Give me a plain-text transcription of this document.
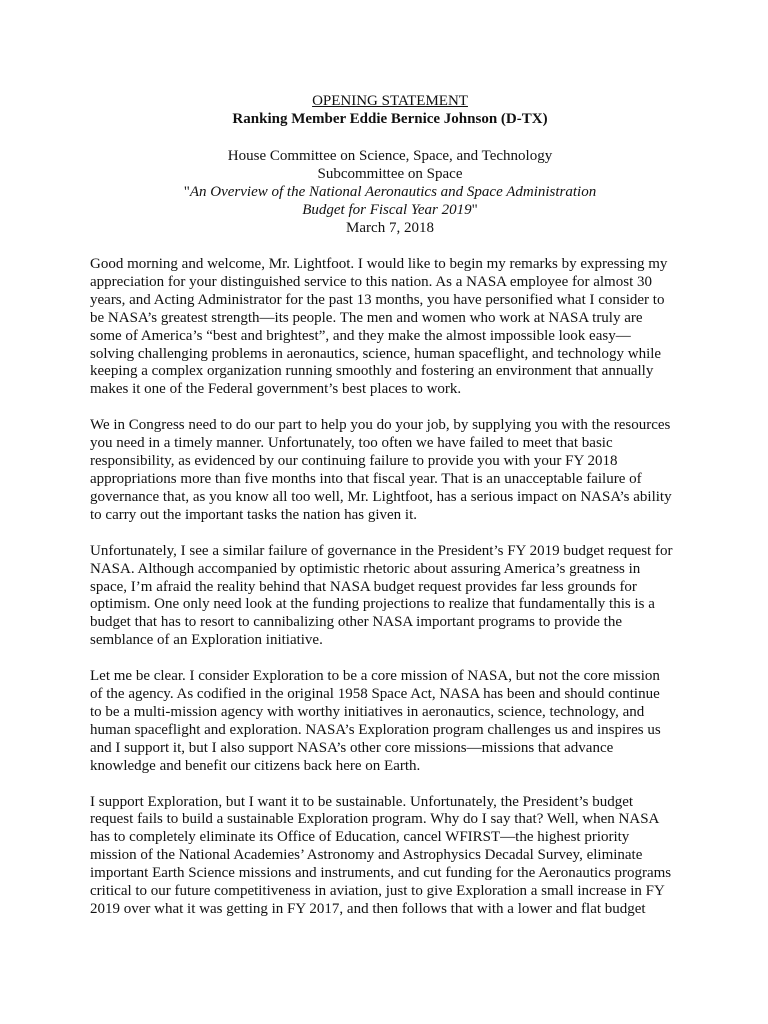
OPENING STATEMENT
Ranking Member Eddie Bernice Johnson (D-TX)
House Committee on Science, Space, and Technology
Subcommittee on Space
"An Overview of the National Aeronautics and Space Administration
Budget for Fiscal Year 2019"
March 7, 2018

Good morning and welcome, Mr. Lightfoot. I would like to begin my remarks by expressing my
appreciation for your distinguished service to this nation. As a NASA employee for almost 30
years, and Acting Administrator for the past 13 months, you have personified what I consider to
be NASA’s greatest strength—its people. The men and women who work at NASA truly are
some of America’s “best and brightest”, and they make the almost impossible look easy—
solving challenging problems in aeronautics, science, human spaceflight, and technology while
keeping a complex organization running smoothly and fostering an environment that annually
makes it one of the Federal government’s best places to work.

We in Congress need to do our part to help you do your job, by supplying you with the resources
you need in a timely manner. Unfortunately, too often we have failed to meet that basic
responsibility, as evidenced by our continuing failure to provide you with your FY 2018
appropriations more than five months into that fiscal year. That is an unacceptable failure of
governance that, as you know all too well, Mr. Lightfoot, has a serious impact on NASA’s ability
to carry out the important tasks the nation has given it.

Unfortunately, I see a similar failure of governance in the President’s FY 2019 budget request for
NASA. Although accompanied by optimistic rhetoric about assuring America’s greatness in
space, I’m afraid the reality behind that NASA budget request provides far less grounds for
optimism. One only need look at the funding projections to realize that fundamentally this is a
budget that has to resort to cannibalizing other NASA important programs to provide the
semblance of an Exploration initiative.

Let me be clear. I consider Exploration to be a core mission of NASA, but not the core mission
of the agency. As codified in the original 1958 Space Act, NASA has been and should continue
to be a multi-mission agency with worthy initiatives in aeronautics, science, technology, and
human spaceflight and exploration. NASA’s Exploration program challenges us and inspires us
and I support it, but I also support NASA’s other core missions—missions that advance
knowledge and benefit our citizens back here on Earth.

I support Exploration, but I want it to be sustainable. Unfortunately, the President’s budget
request fails to build a sustainable Exploration program. Why do I say that? Well, when NASA
has to completely eliminate its Office of Education, cancel WFIRST—the highest priority
mission of the National Academies’ Astronomy and Astrophysics Decadal Survey, eliminate
important Earth Science missions and instruments, and cut funding for the Aeronautics programs
critical to our future competitiveness in aviation, just to give Exploration a small increase in FY
2019 over what it was getting in FY 2017, and then follows that with a lower and flat budget
